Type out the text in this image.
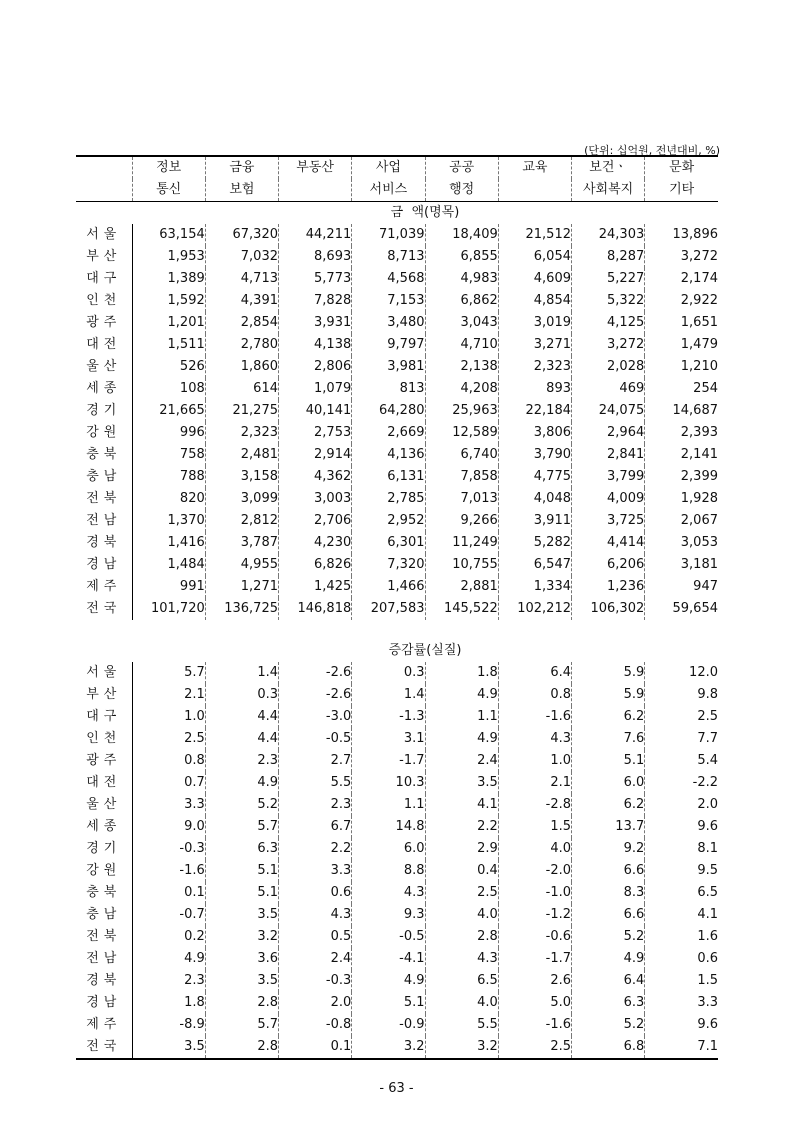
(단위: 십억원, 전년대비, %)
	정보	금융	부동산	사업	공공	교육	보건ㆍ	문화
	통신	보험		서비스	행정		사회복지	기타
	금  액(명목)							
서울	63,154	67,320	44,211	71,039	18,409	21,512	24,303	13,896
부산	1,953	7,032	8,693	8,713	6,855	6,054	8,287	3,272
대구	1,389	4,713	5,773	4,568	4,983	4,609	5,227	2,174
인천	1,592	4,391	7,828	7,153	6,862	4,854	5,322	2,922
광주	1,201	2,854	3,931	3,480	3,043	3,019	4,125	1,651
대전	1,511	2,780	4,138	9,797	4,710	3,271	3,272	1,479
울산	526	1,860	2,806	3,981	2,138	2,323	2,028	1,210
세종	108	614	1,079	813	4,208	893	469	254
경기	21,665	21,275	40,141	64,280	25,963	22,184	24,075	14,687
강원	996	2,323	2,753	2,669	12,589	3,806	2,964	2,393
충북	758	2,481	2,914	4,136	6,740	3,790	2,841	2,141
충남	788	3,158	4,362	6,131	7,858	4,775	3,799	2,399
전북	820	3,099	3,003	2,785	7,013	4,048	4,009	1,928
전남	1,370	2,812	2,706	2,952	9,266	3,911	3,725	2,067
경북	1,416	3,787	4,230	6,301	11,249	5,282	4,414	3,053
경남	1,484	4,955	6,826	7,320	10,755	6,547	6,206	3,181
제주	991	1,271	1,425	1,466	2,881	1,334	1,236	947
전국	101,720	136,725	146,818	207,583	145,522	102,212	106,302	59,654

	증감률(실질)							
서울	5.7	1.4	-2.6	0.3	1.8	6.4	5.9	12.0
부산	2.1	0.3	-2.6	1.4	4.9	0.8	5.9	9.8
대구	1.0	4.4	-3.0	-1.3	1.1	-1.6	6.2	2.5
인천	2.5	4.4	-0.5	3.1	4.9	4.3	7.6	7.7
광주	0.8	2.3	2.7	-1.7	2.4	1.0	5.1	5.4
대전	0.7	4.9	5.5	10.3	3.5	2.1	6.0	-2.2
울산	3.3	5.2	2.3	1.1	4.1	-2.8	6.2	2.0
세종	9.0	5.7	6.7	14.8	2.2	1.5	13.7	9.6
경기	-0.3	6.3	2.2	6.0	2.9	4.0	9.2	8.1
강원	-1.6	5.1	3.3	8.8	0.4	-2.0	6.6	9.5
충북	0.1	5.1	0.6	4.3	2.5	-1.0	8.3	6.5
충남	-0.7	3.5	4.3	9.3	4.0	-1.2	6.6	4.1
전북	0.2	3.2	0.5	-0.5	2.8	-0.6	5.2	1.6
전남	4.9	3.6	2.4	-4.1	4.3	-1.7	4.9	0.6
경북	2.3	3.5	-0.3	4.9	6.5	2.6	6.4	1.5
경남	1.8	2.8	2.0	5.1	4.0	5.0	6.3	3.3
제주	-8.9	5.7	-0.8	-0.9	5.5	-1.6	5.2	9.6
전국	3.5	2.8	0.1	3.2	3.2	2.5	6.8	7.1
- 63 -
